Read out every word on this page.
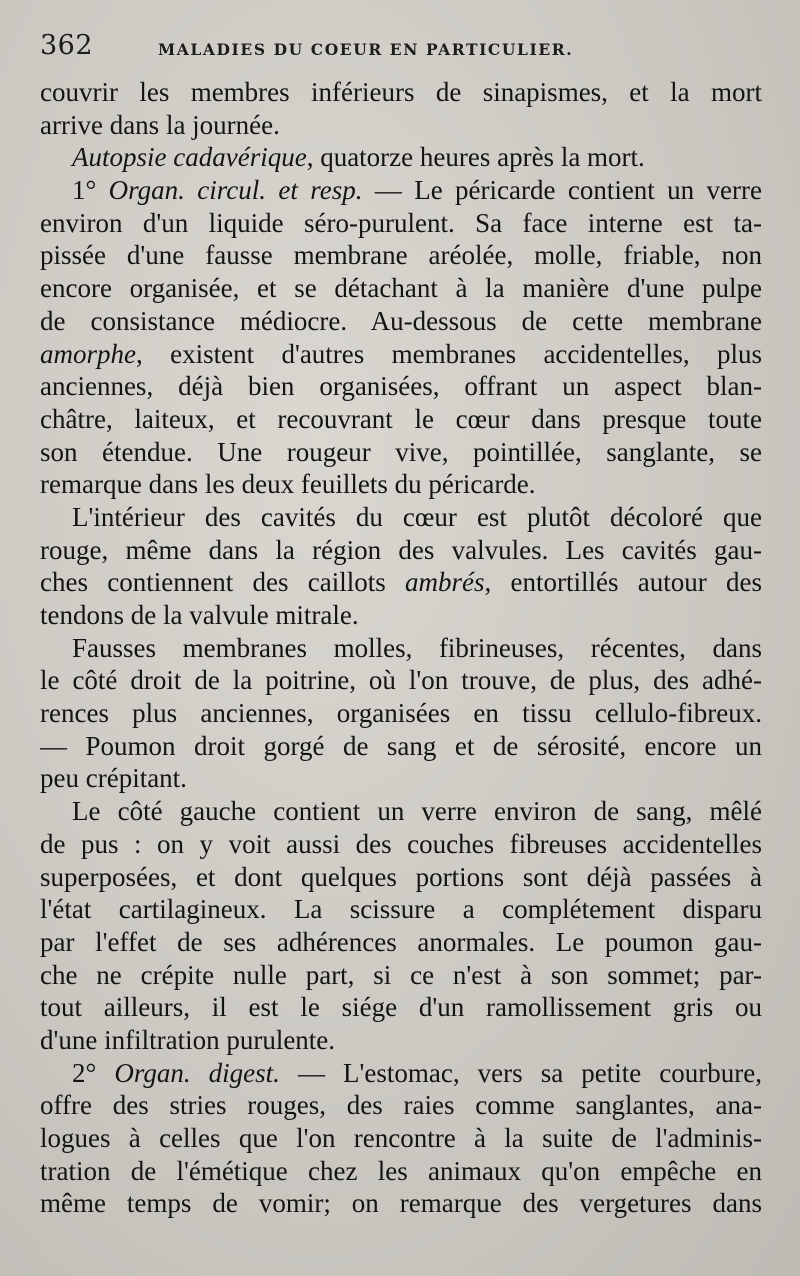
362	MALADIES DU COEUR EN PARTICULIER.
couvrir les membres inférieurs de sinapismes, et la mort
arrive dans la journée.
Autopsie cadavérique, quatorze heures après la mort.
1° Organ. circul. et resp. — Le péricarde contient un verre
environ d'un liquide séro-purulent. Sa face interne est ta-
pissée d'une fausse membrane aréolée, molle, friable, non
encore organisée, et se détachant à la manière d'une pulpe
de consistance médiocre. Au-dessous de cette membrane
amorphe, existent d'autres membranes accidentelles, plus
anciennes, déjà bien organisées, offrant un aspect blan-
châtre, laiteux, et recouvrant le cœur dans presque toute
son étendue. Une rougeur vive, pointillée, sanglante, se
remarque dans les deux feuillets du péricarde.
L'intérieur des cavités du cœur est plutôt décoloré que
rouge, même dans la région des valvules. Les cavités gau-
ches contiennent des caillots ambrés, entortillés autour des
tendons de la valvule mitrale.
Fausses membranes molles, fibrineuses, récentes, dans
le côté droit de la poitrine, où l'on trouve, de plus, des adhé-
rences plus anciennes, organisées en tissu cellulo-fibreux.
— Poumon droit gorgé de sang et de sérosité, encore un
peu crépitant.
Le côté gauche contient un verre environ de sang, mêlé
de pus : on y voit aussi des couches fibreuses accidentelles
superposées, et dont quelques portions sont déjà passées à
l'état cartilagineux. La scissure a complétement disparu
par l'effet de ses adhérences anormales. Le poumon gau-
che ne crépite nulle part, si ce n'est à son sommet; par-
tout ailleurs, il est le siége d'un ramollissement gris ou
d'une infiltration purulente.
2° Organ. digest. — L'estomac, vers sa petite courbure,
offre des stries rouges, des raies comme sanglantes, ana-
logues à celles que l'on rencontre à la suite de l'adminis-
tration de l'émétique chez les animaux qu'on empêche en
même temps de vomir; on remarque des vergetures dans
